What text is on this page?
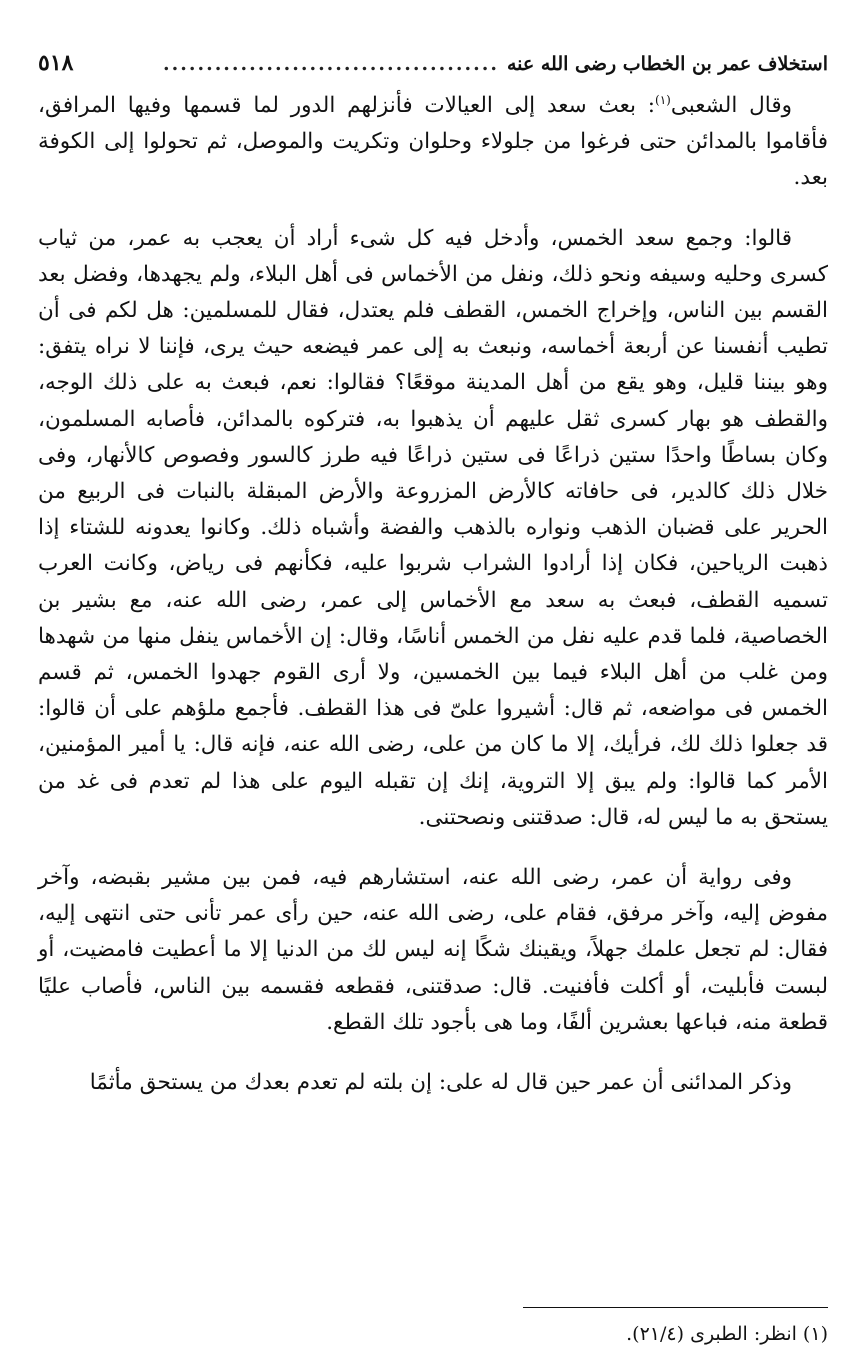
٥١٨	....................................... استخلاف عمر بن الخطاب رضى الله عنه

وقال الشعبى$^{(١)}$: بعث سعد إلى العيالات فأنزلهم الدور لما قسمها وفيها المرافق، فأقاموا بالمدائن حتى فرغوا من جلولاء وحلوان وتكريت والموصل، ثم تحولوا إلى الكوفة بعد.

قالوا: وجمع سعد الخمس، وأدخل فيه كل شىء أراد أن يعجب به عمر، من ثياب كسرى وحليه وسيفه ونحو ذلك، ونفل من الأخماس فى أهل البلاء، ولم يجهدها، وفضل بعد القسم بين الناس، وإخراج الخمس، القطف فلم يعتدل، فقال للمسلمين: هل لكم فى أن تطيب أنفسنا عن أربعة أخماسه، ونبعث به إلى عمر فيضعه حيث يرى، فإننا لا نراه يتفق: وهو بيننا قليل، وهو يقع من أهل المدينة موقعًا؟ فقالوا: نعم، فبعث به على ذلك الوجه، والقطف هو بهار كسرى ثقل عليهم أن يذهبوا به، فتركوه بالمدائن، فأصابه المسلمون، وكان بساطًا واحدًا ستين ذراعًا فى ستين ذراعًا فيه طرز كالسور وفصوص كالأنهار، وفى خلال ذلك كالدير، فى حافاته كالأرض المزروعة والأرض المبقلة بالنبات فى الربيع من الحرير على قضبان الذهب ونواره بالذهب والفضة وأشباه ذلك. وكانوا يعدونه للشتاء إذا ذهبت الرياحين، فكان إذا أرادوا الشراب شربوا عليه، فكأنهم فى رياض، وكانت العرب تسميه القطف، فبعث به سعد مع الأخماس إلى عمر، رضى الله عنه، مع بشير بن الخصاصية، فلما قدم عليه نفل من الخمس أناسًا، وقال: إن الأخماس ينفل منها من شهدها ومن غلب من أهل البلاء فيما بين الخمسين، ولا أرى القوم جهدوا الخمس، ثم قسم الخمس فى مواضعه، ثم قال: أشيروا علىّ فى هذا القطف. فأجمع ملؤهم على أن قالوا: قد جعلوا ذلك لك، فرأيك، إلا ما كان من على، رضى الله عنه، فإنه قال: يا أمير المؤمنين، الأمر كما قالوا: ولم يبق إلا التروية، إنك إن تقبله اليوم على هذا لم تعدم فى غد من يستحق به ما ليس له، قال: صدقتنى ونصحتنى.

وفى رواية أن عمر، رضى الله عنه، استشارهم فيه، فمن بين مشير بقبضه، وآخر مفوض إليه، وآخر مرفق، فقام على، رضى الله عنه، حين رأى عمر تأنى حتى انتهى إليه، فقال: لم تجعل علمك جهلاً، ويقينك شكًا إنه ليس لك من الدنيا إلا ما أعطيت فامضيت، أو لبست فأبليت، أو أكلت فأفنيت. قال: صدقتنى، فقطعه فقسمه بين الناس، فأصاب عليًا قطعة منه، فباعها بعشرين ألفًا، وما هى بأجود تلك القطع.

وذكر المدائنى أن عمر حين قال له على: إن بلته لم تعدم بعدك من يستحق مأثمًا

(١) انظر: الطبرى (٢١/٤).
